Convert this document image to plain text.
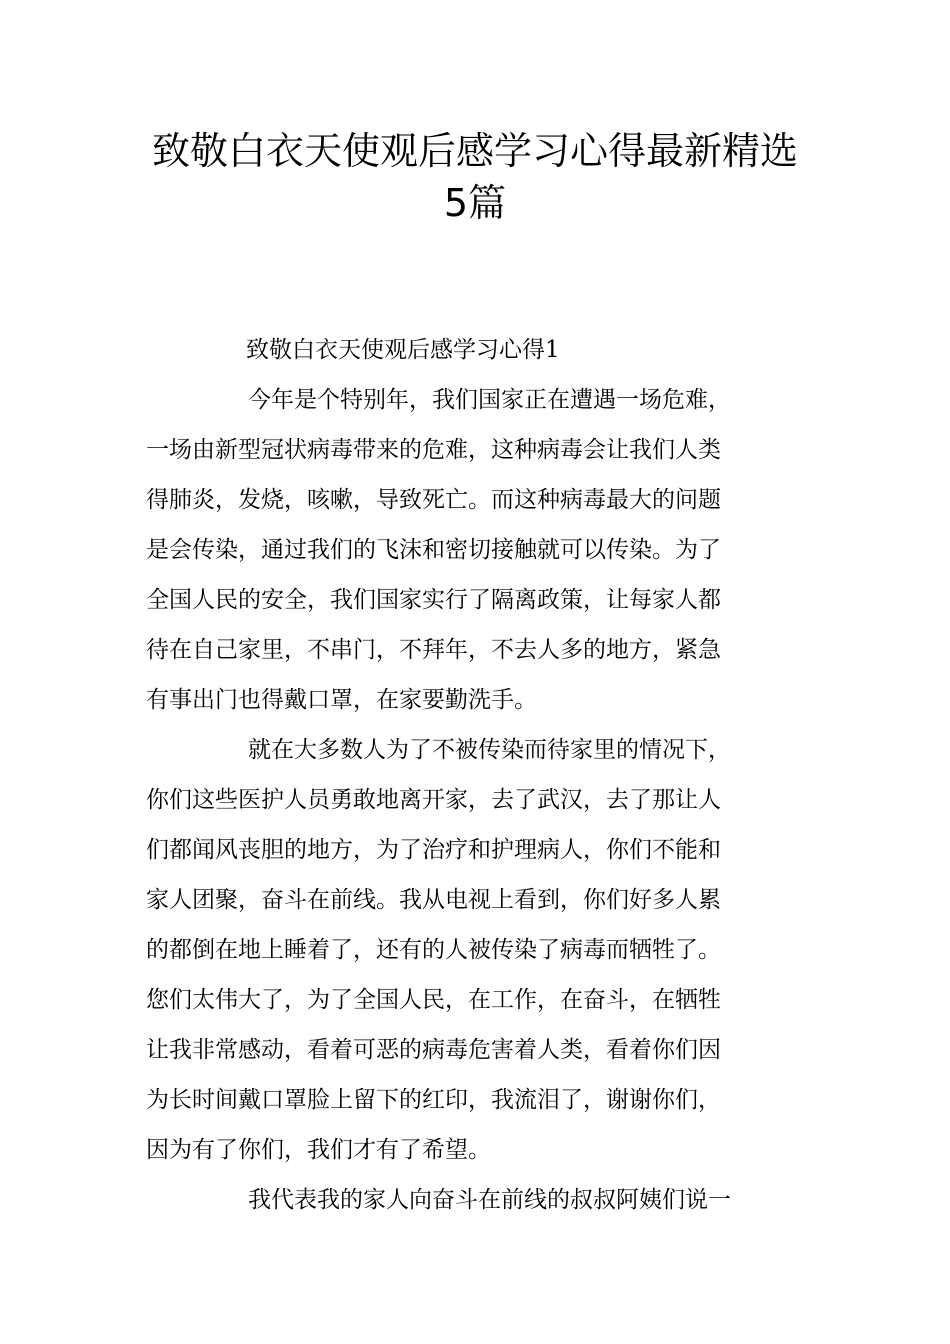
致敬白衣天使观后感学习心得最新精选
5篇

致敬白衣天使观后感学习心得1

今年是个特别年，我们国家正在遭遇一场危难，

一场由新型冠状病毒带来的危难，这种病毒会让我们人类

得肺炎，发烧，咳嗽，导致死亡。而这种病毒最大的问题

是会传染，通过我们的飞沫和密切接触就可以传染。为了

全国人民的安全，我们国家实行了隔离政策，让每家人都

待在自己家里，不串门，不拜年，不去人多的地方，紧急

有事出门也得戴口罩，在家要勤洗手。

就在大多数人为了不被传染而待家里的情况下，

你们这些医护人员勇敢地离开家，去了武汉，去了那让人

们都闻风丧胆的地方，为了治疗和护理病人，你们不能和

家人团聚，奋斗在前线。我从电视上看到，你们好多人累

的都倒在地上睡着了，还有的人被传染了病毒而牺牲了。

您们太伟大了，为了全国人民，在工作，在奋斗，在牺牲

让我非常感动，看着可恶的病毒危害着人类，看着你们因

为长时间戴口罩脸上留下的红印，我流泪了，谢谢你们，

因为有了你们，我们才有了希望。

我代表我的家人向奋斗在前线的叔叔阿姨们说一
